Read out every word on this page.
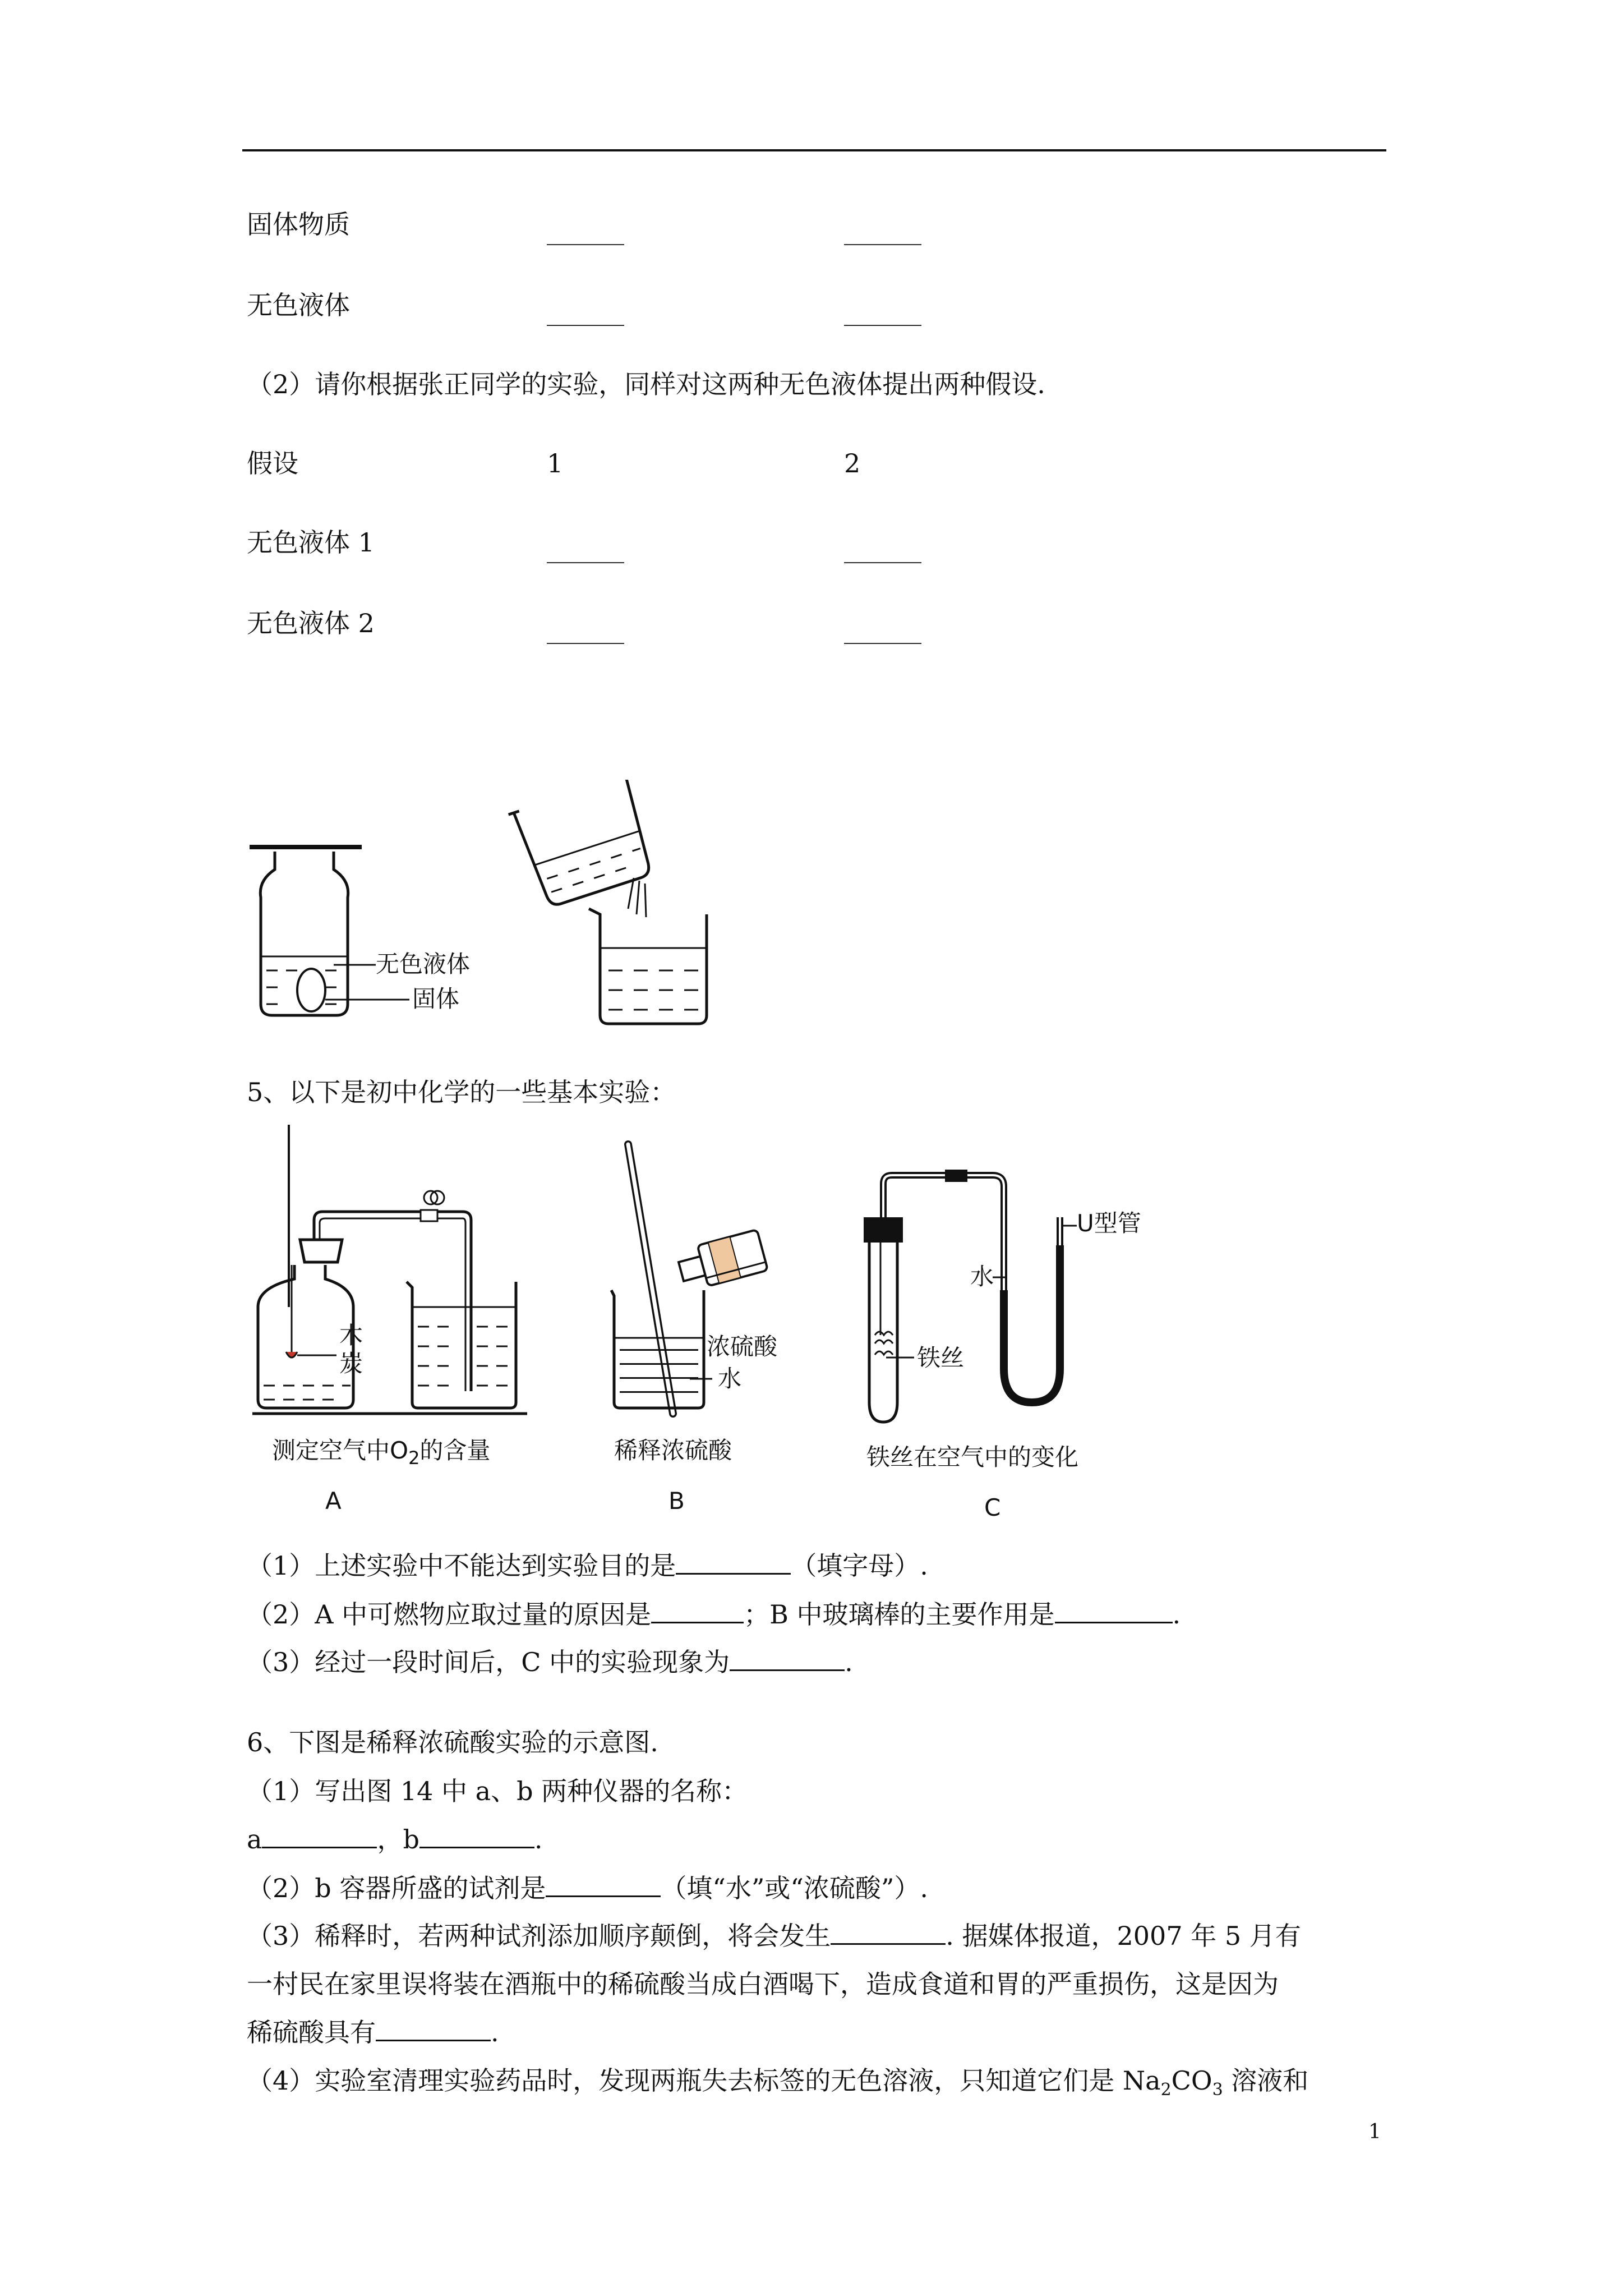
固体物质	______	______
无色液体	______	______
（2）请你根据张正同学的实验，同样对这两种无色液体提出两种假设.
假设	1	2
无色液体 1	______	______
无色液体 2	______	______
无色液体
固体
5、以下是初中化学的一些基本实验：
木
炭
测定空气中$O_2$的含量
A
浓硫酸
水
稀释浓硫酸
B
U型管
水
铁丝
铁丝在空气中的变化
C
（1）上述实验中不能达到实验目的是	（填字母）.
（2）A 中可燃物应取过量的原因是	；B 中玻璃棒的主要作用是	.
（3）经过一段时间后，C 中的实验现象为	.
6、下图是稀释浓硫酸实验的示意图.
（1）写出图 14 中 a、b 两种仪器的名称：
a	，b	.
（2）b 容器所盛的试剂是	（填“水”或“浓硫酸”）.
（3）稀释时，若两种试剂添加顺序颠倒，将会发生	. 据媒体报道，2007 年 5 月有
一村民在家里误将装在酒瓶中的稀硫酸当成白酒喝下，造成食道和胃的严重损伤，这是因为
稀硫酸具有	.
（4）实验室清理实验药品时，发现两瓶失去标签的无色溶液，只知道它们是 $Na_2CO_3$ 溶液和
1
